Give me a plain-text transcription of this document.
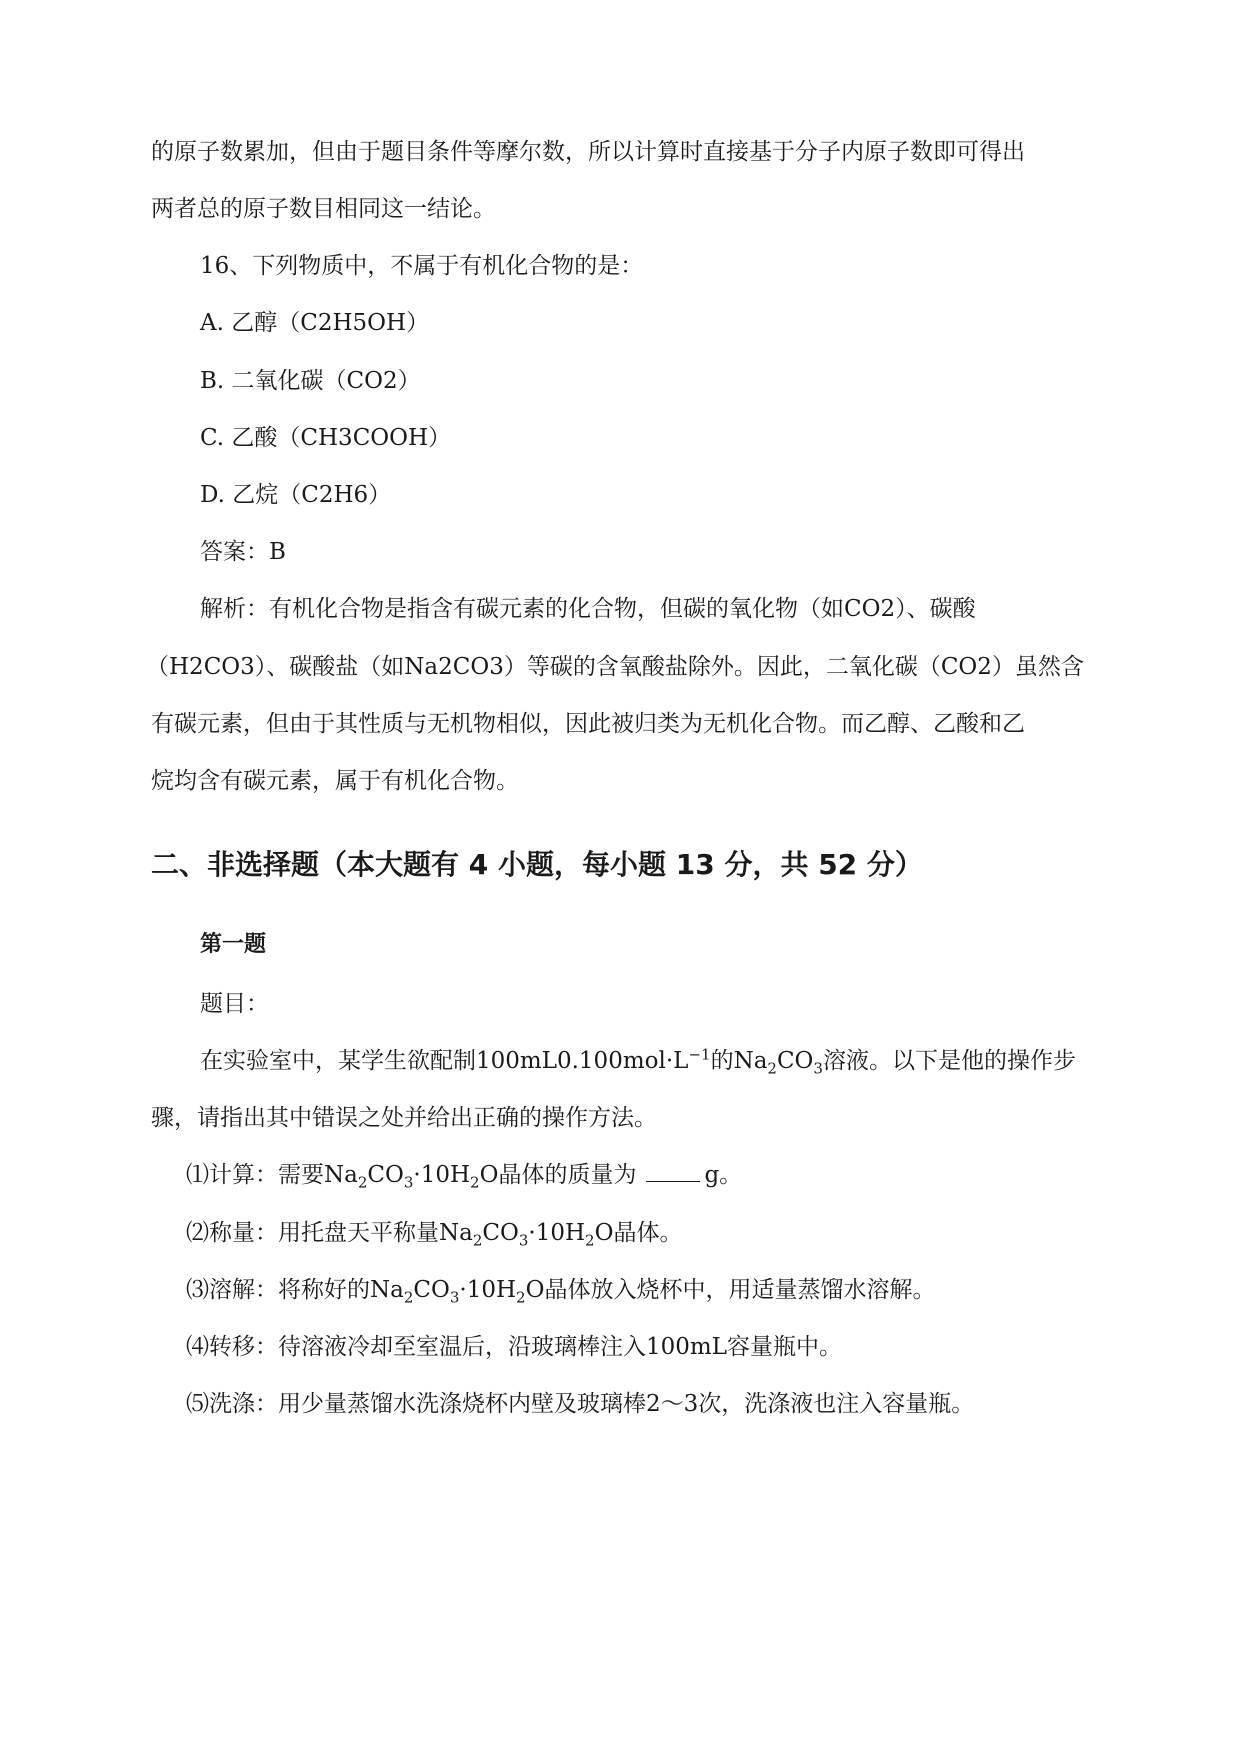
的原子数累加，但由于题目条件等摩尔数，所以计算时直接基于分子内原子数即可得出
两者总的原子数目相同这一结论。
16、下列物质中，不属于有机化合物的是：
A. 乙醇（C2H5OH）
B. 二氧化碳（CO2）
C. 乙酸（CH3COOH）
D. 乙烷（C2H6）
答案：B
解析：有机化合物是指含有碳元素的化合物，但碳的氧化物（如CO2）、碳酸
（H2CO3）、碳酸盐（如Na2CO3）等碳的含氧酸盐除外。因此，二氧化碳（CO2）虽然含
有碳元素，但由于其性质与无机物相似，因此被归类为无机化合物。而乙醇、乙酸和乙
烷均含有碳元素，属于有机化合物。
二、非选择题（本大题有 4 小题，每小题 13 分，共 52 分）
第一题
题目：
在实验室中，某学生欲配制$100mL0.100mol\cdot L^{-1}$的$Na_2CO_3$溶液。以下是他的操作步
骤，请指出其中错误之处并给出正确的操作方法。
⑴计算：需要$Na_2CO_3\cdot 10H_2O$晶体的质量为	g。
⑵称量：用托盘天平称量$Na_2CO_3\cdot 10H_2O$晶体。
⑶溶解：将称好的$Na_2CO_3\cdot 10H_2O$晶体放入烧杯中，用适量蒸馏水溶解。
⑷转移：待溶液冷却至室温后，沿玻璃棒注入100mL容量瓶中。
⑸洗涤：用少量蒸馏水洗涤烧杯内壁及玻璃棒2～3次，洗涤液也注入容量瓶。
